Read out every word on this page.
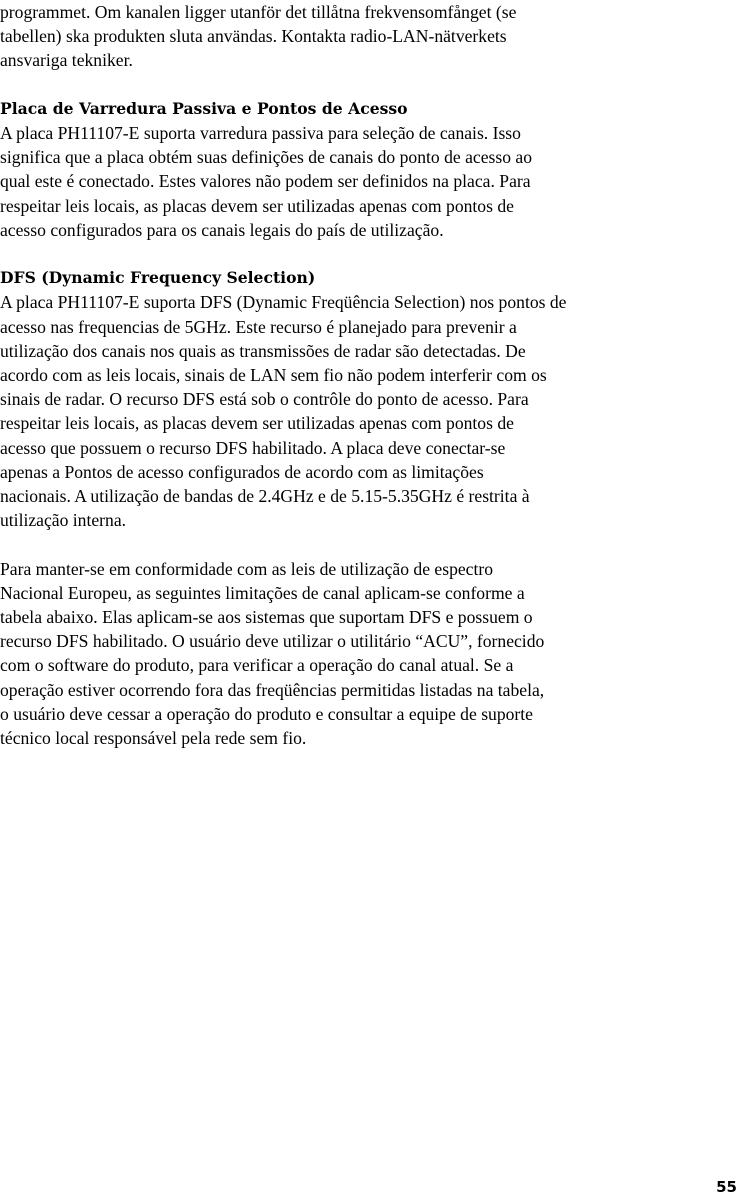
programmet. Om kanalen ligger utanför det tillåtna frekvensomfånget (se
tabellen) ska produkten sluta användas. Kontakta radio-LAN-nätverkets
ansvariga tekniker.
Placa de Varredura Passiva e Pontos de Acesso
A placa PH11107-E suporta varredura passiva para seleção de canais. Isso
significa que a placa obtém suas definições de canais do ponto de acesso ao
qual este é conectado. Estes valores não podem ser definidos na placa. Para
respeitar leis locais, as placas devem ser utilizadas apenas com pontos de
acesso configurados para os canais legais do país de utilização.
DFS (Dynamic Frequency Selection)
A placa PH11107-E suporta DFS (Dynamic Freqüência Selection) nos pontos de
acesso nas frequencias de 5GHz. Este recurso é planejado para prevenir a
utilização dos canais nos quais as transmissões de radar são detectadas. De
acordo com as leis locais, sinais de LAN sem fio não podem interferir com os
sinais de radar. O recurso DFS está sob o contrôle do ponto de acesso. Para
respeitar leis locais, as placas devem ser utilizadas apenas com pontos de
acesso que possuem o recurso DFS habilitado. A placa deve conectar-se
apenas a Pontos de acesso configurados de acordo com as limitações
nacionais. A utilização de bandas de 2.4GHz e de 5.15-5.35GHz é restrita à
utilização interna.
Para manter-se em conformidade com as leis de utilização de espectro
Nacional Europeu, as seguintes limitações de canal aplicam-se conforme a
tabela abaixo. Elas aplicam-se aos sistemas que suportam DFS e possuem o
recurso DFS habilitado. O usuário deve utilizar o utilitário “ACU”, fornecido
com o software do produto, para verificar a operação do canal atual. Se a
operação estiver ocorrendo fora das freqüências permitidas listadas na tabela,
o usuário deve cessar a operação do produto e consultar a equipe de suporte
técnico local responsável pela rede sem fio.
55
